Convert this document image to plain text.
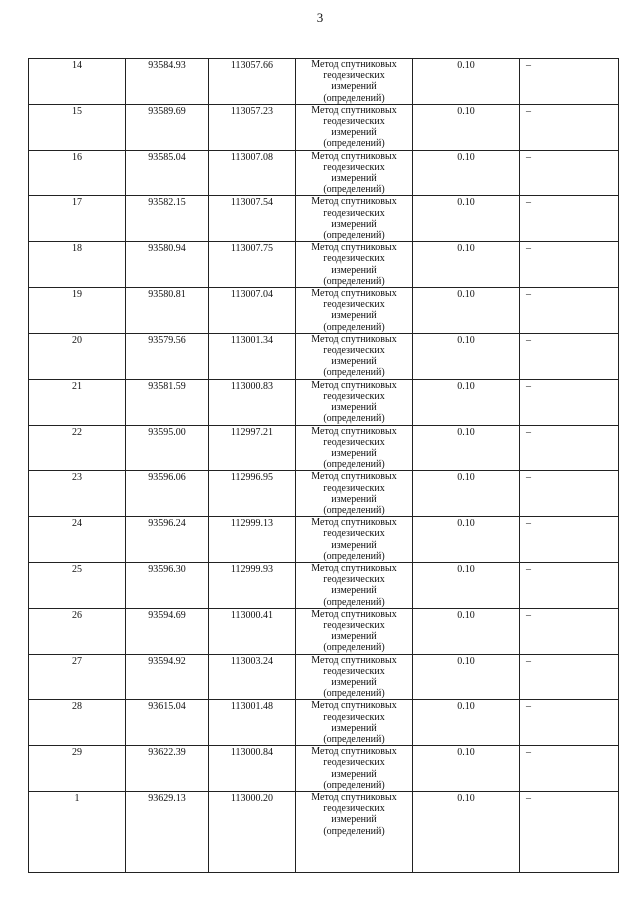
3
14	93584.93	113057.66	Метод спутниковых
геодезических
измерений
(определений)	0.10	–

15	93589.69	113057.23	Метод спутниковых
геодезических
измерений
(определений)	0.10	–

16	93585.04	113007.08	Метод спутниковых
геодезических
измерений
(определений)	0.10	–

17	93582.15	113007.54	Метод спутниковых
геодезических
измерений
(определений)	0.10	–

18	93580.94	113007.75	Метод спутниковых
геодезических
измерений
(определений)	0.10	–

19	93580.81	113007.04	Метод спутниковых
геодезических
измерений
(определений)	0.10	–

20	93579.56	113001.34	Метод спутниковых
геодезических
измерений
(определений)	0.10	–

21	93581.59	113000.83	Метод спутниковых
геодезических
измерений
(определений)	0.10	–

22	93595.00	112997.21	Метод спутниковых
геодезических
измерений
(определений)	0.10	–

23	93596.06	112996.95	Метод спутниковых
геодезических
измерений
(определений)	0.10	–

24	93596.24	112999.13	Метод спутниковых
геодезических
измерений
(определений)	0.10	–

25	93596.30	112999.93	Метод спутниковых
геодезических
измерений
(определений)	0.10	–

26	93594.69	113000.41	Метод спутниковых
геодезических
измерений
(определений)	0.10	–

27	93594.92	113003.24	Метод спутниковых
геодезических
измерений
(определений)	0.10	–

28	93615.04	113001.48	Метод спутниковых
геодезических
измерений
(определений)	0.10	–

29	93622.39	113000.84	Метод спутниковых
геодезических
измерений
(определений)	0.10	–

1	93629.13	113000.20	Метод спутниковых
геодезических
измерений
(определений)	0.10	–
